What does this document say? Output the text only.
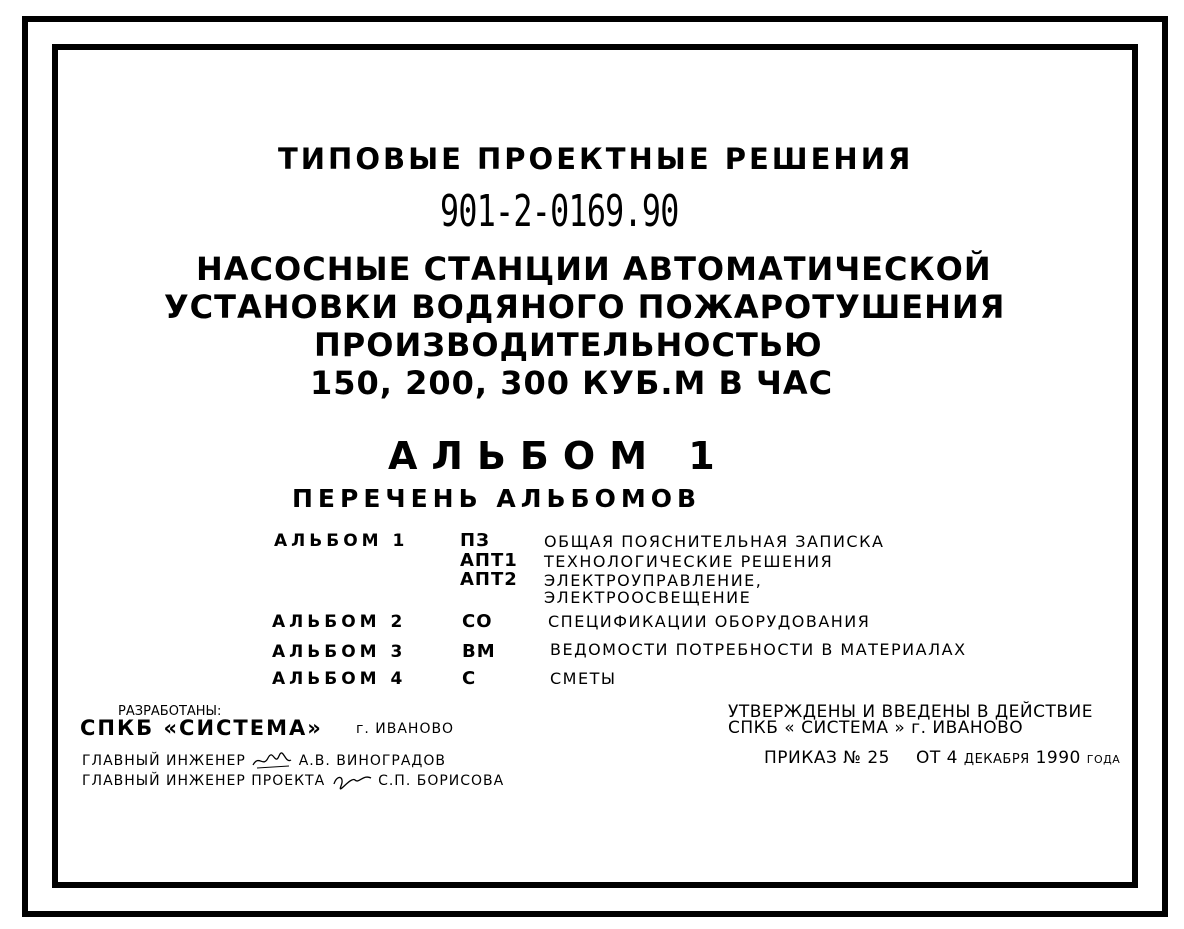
ТИПОВЫЕ ПРОЕКТНЫЕ РЕШЕНИЯ
901-2-0169.90
НАСОСНЫЕ СТАНЦИИ АВТОМАТИЧЕСКОЙ
УСТАНОВКИ ВОДЯНОГО ПОЖАРОТУШЕНИЯ
ПРОИЗВОДИТЕЛЬНОСТЬЮ
150, 200, 300 КУБ.М В ЧАС
АЛЬБОМ 1
ПЕРЕЧЕНЬ АЛЬБОМОВ
АЛЬБОМ 1	ПЗ	ОБЩАЯ ПОЯСНИТЕЛЬНАЯ ЗАПИСКА
АПТ1 ТЕХНОЛОГИЧЕСКИЕ РЕШЕНИЯ
АПТ2 ЭЛЕКТРОУПРАВЛЕНИЕ,
ЭЛЕКТРООСВЕЩЕНИЕ
АЛЬБОМ 2	СО	СПЕЦИФИКАЦИИ ОБОРУДОВАНИЯ
АЛЬБОМ 3	ВМ	ВЕДОМОСТИ ПОТРЕБНОСТИ В МАТЕРИАЛАХ
АЛЬБОМ 4	С	СМЕТЫ
РАЗРАБОТАНЫ:
СПКБ «СИСТЕМА» г. ИВАНОВО
ГЛАВНЫЙ ИНЖЕНЕР	А.В. ВИНОГРАДОВ
ГЛАВНЫЙ ИНЖЕНЕР ПРОЕКТА	С.П. БОРИСОВА
УТВЕРЖДЕНЫ И ВВЕДЕНЫ В ДЕЙСТВИЕ
СПКБ « СИСТЕМА » г. ИВАНОВО
ПРИКАЗ № 25 ОТ 4 ДЕКАБРЯ 1990 ГОДА
